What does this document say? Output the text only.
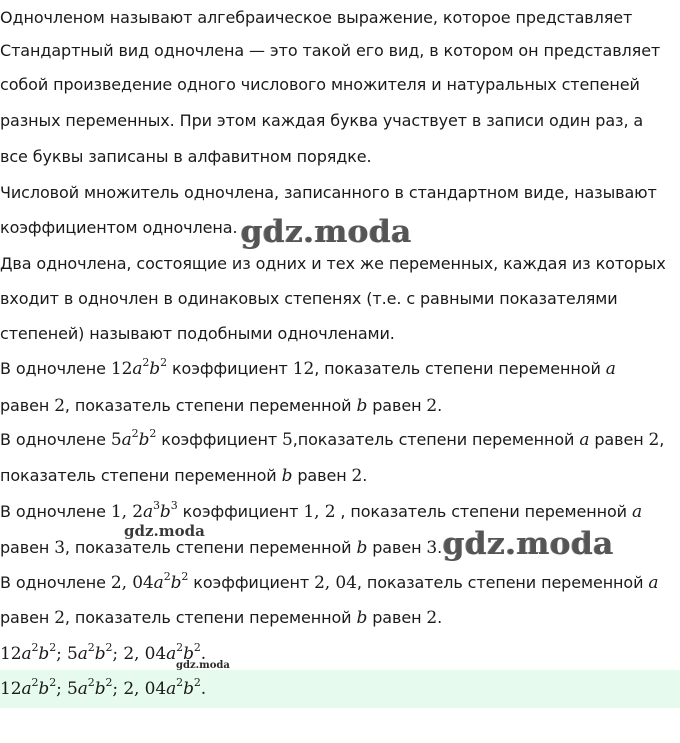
Одночленом называют алгебраическое выражение, которое представляет
Стандартный вид одночлена — это такой его вид, в котором он представляет
собой произведение одного числового множителя и натуральных степеней
разных переменных. При этом каждая буква участвует в записи один раз, а
все буквы записаны в алфавитном порядке.
Числовой множитель одночлена, записанного в стандартном виде, называют
коэффициентом одночлена.
Два одночлена, состоящие из одних и тех же переменных, каждая из которых
входит в одночлен в одинаковых степенях (т.е. с равными показателями
степеней) называют подобными одночленами.
В одночлене $12a^2b^2$ коэффициент 12, показатель степени переменной a
равен 2, показатель степени переменной b равен 2.
В одночлене $5a^2b^2$ коэффициент 5,показатель степени переменной a равен 2,
показатель степени переменной b равен 2.
В одночлене 1, $2a^3b^3$ коэффициент 1, 2 , показатель степени переменной a
равен 3, показатель степени переменной b равен 3.
В одночлене 2, $04a^2b^2$ коэффициент 2, 04, показатель степени переменной a
равен 2, показатель степени переменной b равен 2.
$12a^2b^2$; $5a^2b^2$; 2, $04a^2b^2$.
$12a^2b^2$; $5a^2b^2$; 2, $04a^2b^2$.
gdz.moda
gdz.moda
gdz.moda
gdz.moda
